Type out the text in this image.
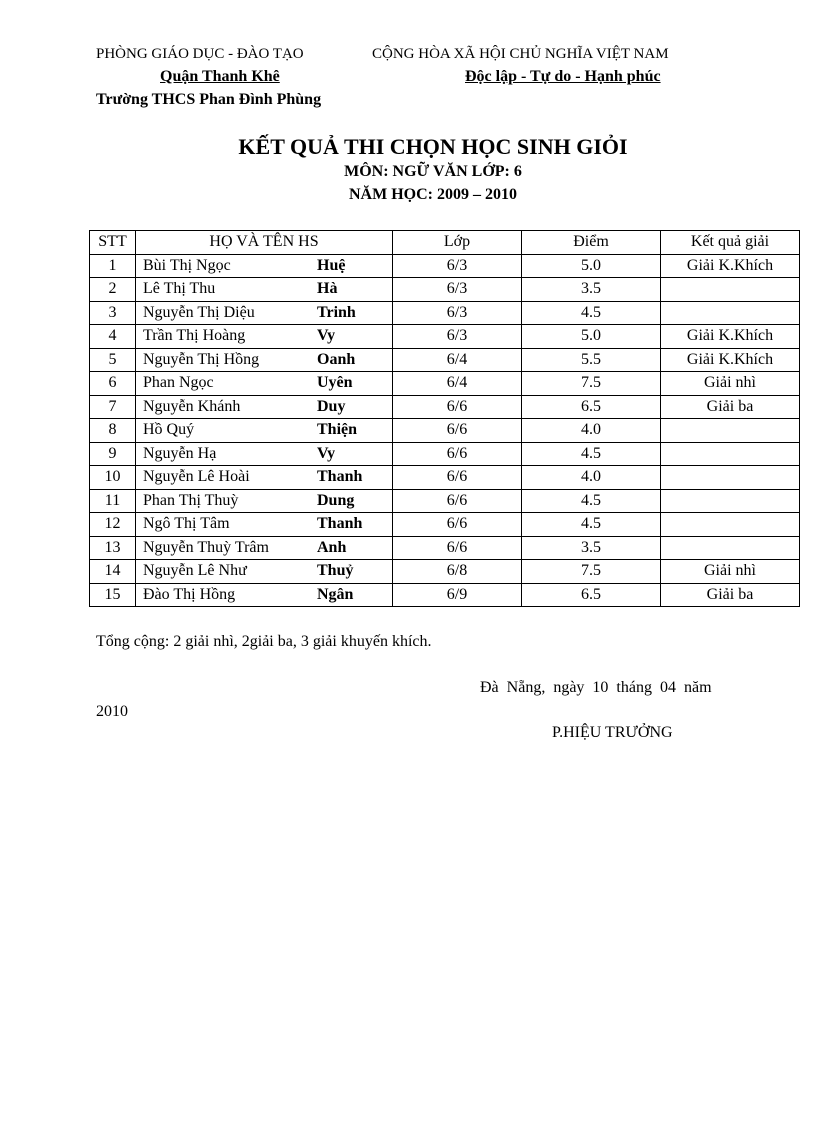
PHÒNG GIÁO DỤC - ĐÀO TẠO
Quận Thanh Khê
Trường THCS Phan Đình Phùng
CỘNG HÒA XÃ HỘI CHỦ NGHĨA VIỆT NAM
Độc lập - Tự do - Hạnh phúc
KẾT QUẢ THI CHỌN HỌC SINH GIỎI
MÔN: NGỮ VĂN LỚP: 6
NĂM HỌC: 2009 – 2010
STT	HỌ VÀ TÊN HS		Lớp	Điểm	Kết quả giải
1	Bùi Thị Ngọc	Huệ	6/3	5.0	Giải K.Khích
2	Lê Thị Thu	Hà	6/3	3.5	
3	Nguyễn Thị Diệu	Trinh	6/3	4.5	
4	Trần Thị Hoàng	Vy	6/3	5.0	Giải K.Khích
5	Nguyễn Thị Hồng	Oanh	6/4	5.5	Giải K.Khích
6	Phan Ngọc	Uyên	6/4	7.5	Giải nhì
7	Nguyễn Khánh	Duy	6/6	6.5	Giải ba
8	Hồ Quý	Thiện	6/6	4.0	
9	Nguyễn Hạ	Vy	6/6	4.5	
10	Nguyễn Lê Hoài	Thanh	6/6	4.0	
11	Phan Thị Thuỳ	Dung	6/6	4.5	
12	Ngô Thị Tâm	Thanh	6/6	4.5	
13	Nguyễn Thuỳ Trâm	Anh	6/6	3.5	
14	Nguyễn Lê Như	Thuỷ	6/8	7.5	Giải nhì
15	Đào Thị Hồng	Ngân	6/9	6.5	Giải ba
Tổng cộng: 2 giải nhì, 2giải ba, 3 giải khuyến khích.
Đà Nẵng, ngày 10 tháng 04 năm
2010
P.HIỆU TRƯỞNG
